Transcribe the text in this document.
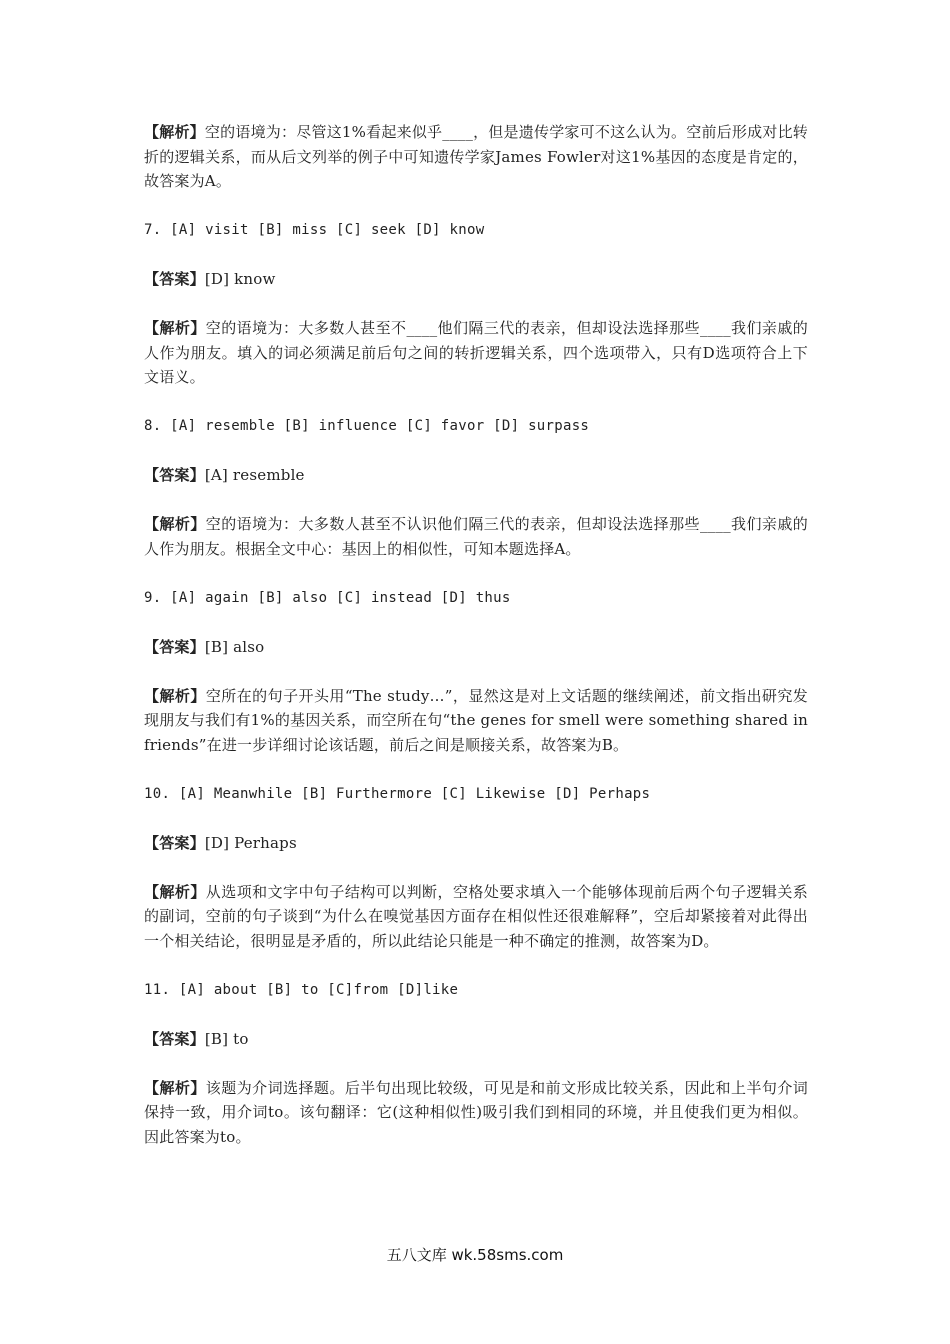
【解析】空的语境为：尽管这1%看起来似乎____，但是遗传学家可不这么认为。空前后形成对比转折的逻辑关系，而从后文列举的例子中可知遗传学家James Fowler对这1%基因的态度是肯定的，故答案为A。

7. [A] visit [B] miss [C] seek [D] know

【答案】[D] know

【解析】空的语境为：大多数人甚至不____他们隔三代的表亲，但却设法选择那些____我们亲戚的人作为朋友。填入的词必须满足前后句之间的转折逻辑关系，四个选项带入，只有D选项符合上下文语义。

8. [A] resemble [B] influence [C] favor [D] surpass

【答案】[A] resemble

【解析】空的语境为：大多数人甚至不认识他们隔三代的表亲，但却设法选择那些____我们亲戚的人作为朋友。根据全文中心：基因上的相似性，可知本题选择A。

9. [A] again [B] also [C] instead [D] thus

【答案】[B] also

【解析】空所在的句子开头用“The study…”，显然这是对上文话题的继续阐述，前文指出研究发现朋友与我们有1%的基因关系，而空所在句“the genes for smell were something shared in friends”在进一步详细讨论该话题，前后之间是顺接关系，故答案为B。

10. [A] Meanwhile [B] Furthermore [C] Likewise [D] Perhaps

【答案】[D] Perhaps

【解析】从选项和文字中句子结构可以判断，空格处要求填入一个能够体现前后两个句子逻辑关系的副词，空前的句子谈到“为什么在嗅觉基因方面存在相似性还很难解释”，空后却紧接着对此得出一个相关结论，很明显是矛盾的，所以此结论只能是一种不确定的推测，故答案为D。

11. [A] about [B] to [C]from [D]like

【答案】[B] to

【解析】该题为介词选择题。后半句出现比较级，可见是和前文形成比较关系，因此和上半句介词保持一致，用介词to。该句翻译：它(这种相似性)吸引我们到相同的环境，并且使我们更为相似。因此答案为to。

五八文库 wk.58sms.com
